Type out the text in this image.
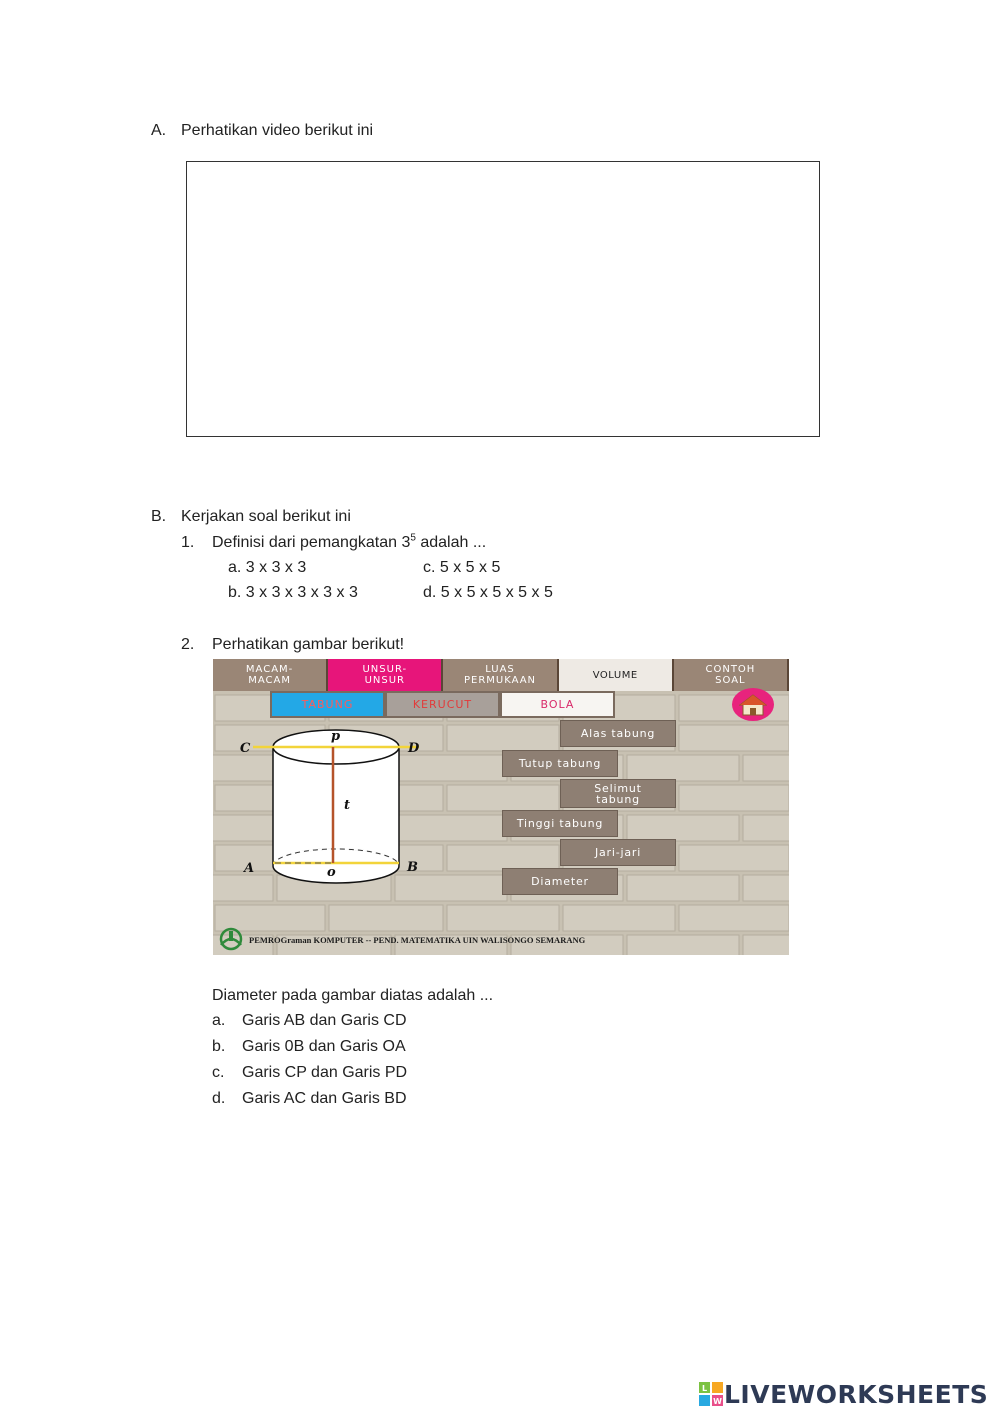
A. Perhatikan video berikut ini
B. Kerjakan soal berikut ini
1. Definisi dari pemangkatan $3^5$ adalah ...
a. 3 x 3 x 3	c. 5 x 5 x 5
b. 3 x 3 x 3 x 3 x 3	d. 5 x 5 x 5 x 5 x 5
2. Perhatikan gambar berikut!
C	D
A	B
p
t
o
MACAM-
MACAM
UNSUR-
UNSUR
LUAS
PERMUKAAN	VOLUME	CONTOH
SOAL
TABUNG	KERUCUT	BOLA
Alas tabung
Tutup tabung
Selimut
tabung
Tinggi tabung
Jari-jari
Diameter
PEMROGraman KOMPUTER -- PEND. MATEMATIKA UIN WALISONGO SEMARANG
Diameter pada gambar diatas adalah ...
a. Garis AB dan Garis CD
b. Garis 0B dan Garis OA
c. Garis CP dan Garis PD
d. Garis AC dan Garis BD
L
W LIVEWORKSHEETS
